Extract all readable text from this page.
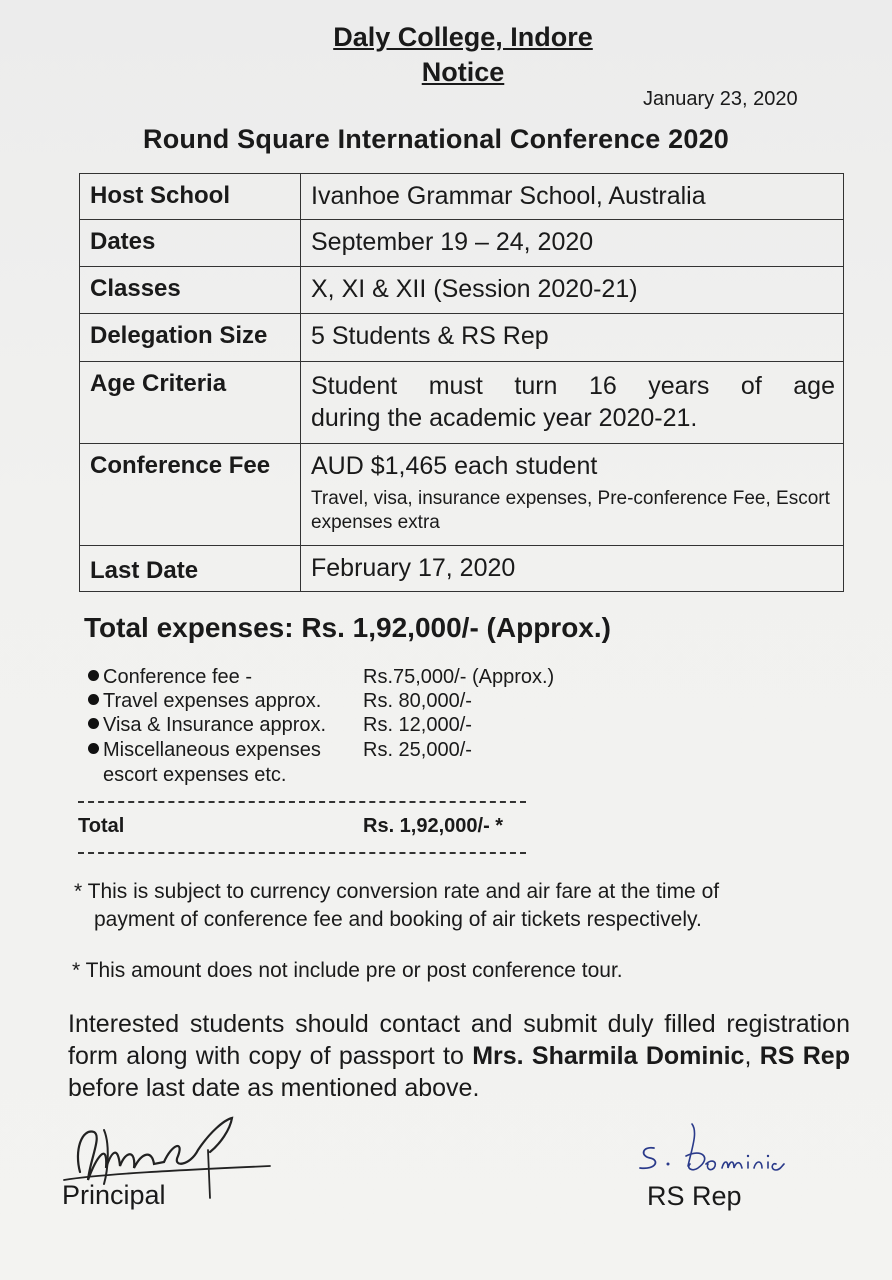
Daly College, Indore
Notice
January 23, 2020
Round Square International Conference 2020
Host School	Ivanhoe Grammar School, Australia
Dates	September 19 – 24, 2020
Classes	X, XI & XII (Session 2020-21)
Delegation Size	5 Students & RS Rep
Age Criteria	Student must turn 16 years of age
during the academic year 2020-21.

Conference Fee	AUD $1,465 each student
Travel, visa, insurance expenses, Pre-conference Fee, Escort expenses extra

Last Date	February 17, 2020
Total expenses: Rs. 1,92,000/- (Approx.)
Conference fee -	Rs.75,000/- (Approx.)
Travel expenses approx. Rs. 80,000/-
Visa & Insurance approx. Rs. 12,000/-
Miscellaneous expenses
escort expenses etc.
Rs. 25,000/-
Total	Rs. 1,92,000/- *
* This is subject to currency conversion rate and air fare at the time of
payment of conference fee and booking of air tickets respectively.
* This amount does not include pre or post conference tour.
Interested students should contact and submit duly filled registration form along with copy of passport to Mrs. Sharmila Dominic, RS Rep before last date as mentioned above.
Principal	RS Rep
